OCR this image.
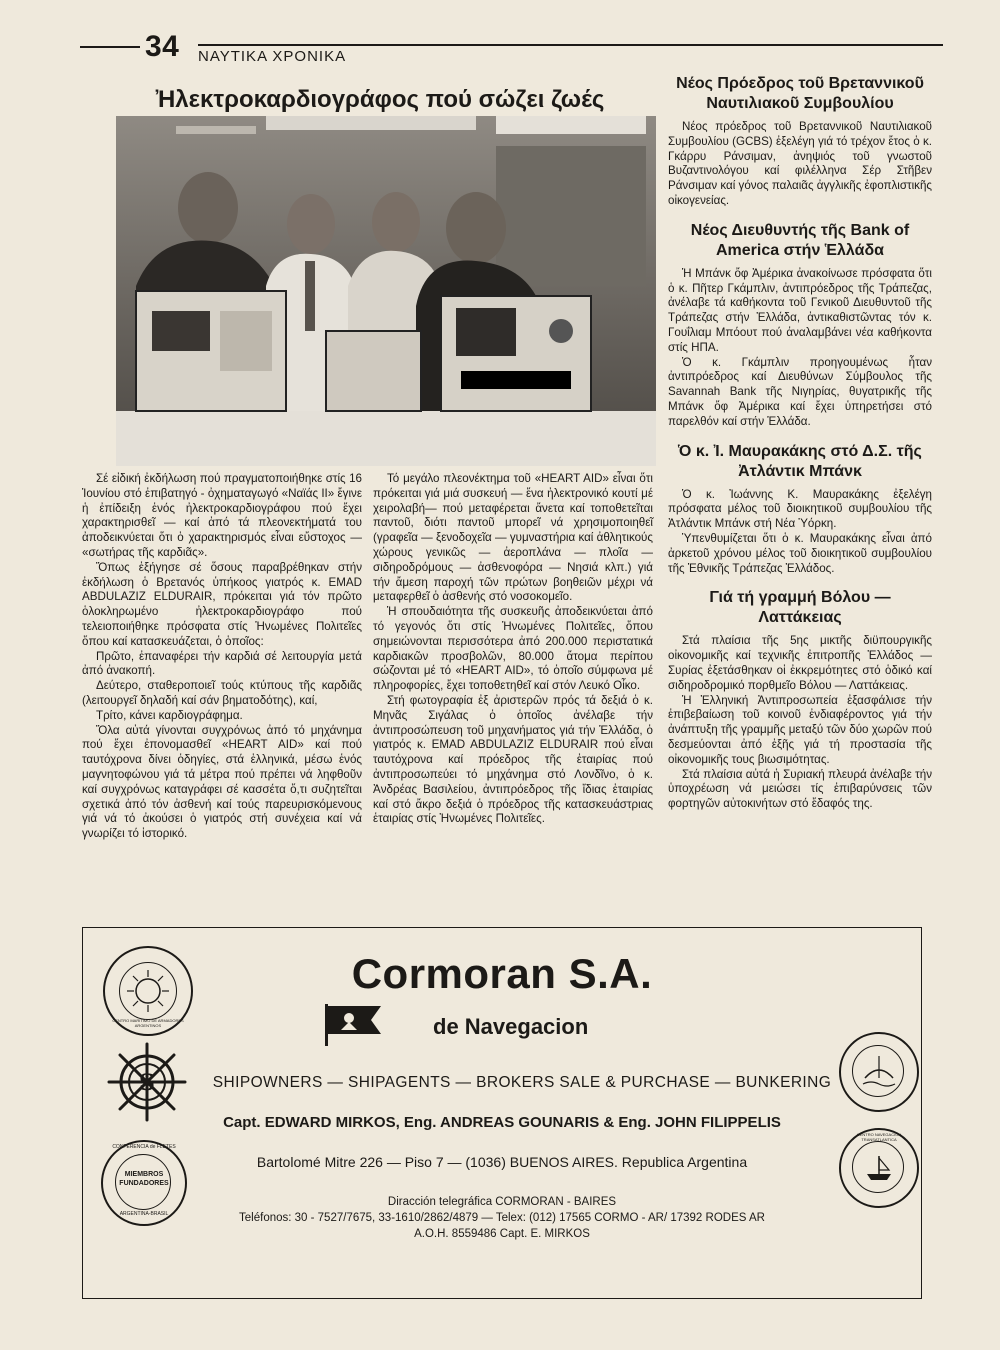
34 ΝΑΥΤΙΚΑ ΧΡΟΝΙΚΑ
Ἠλεκτροκαρδιογράφος πού σώζει ζωές

Σέ εἰδική ἐκδήλωση πού πραγματοποιήθηκε στίς 16 Ἰουνίου στό ἐπιβατηγό - ὀχηματαγωγό «Ναϊάς ΙΙ» ἔγινε ἡ ἐπίδειξη ἑνός ἠλεκτροκαρδιογράφου πού ἔχει χαρακτηρισθεῖ — καί ἀπό τά πλεονεκτήματά του ἀποδεικνύεται ὅτι ὁ χαρακτηρισμός εἶναι εὔστοχος — «σωτήρας τῆς καρδιᾶς».

Ὅπως ἐξήγησε σέ ὅσους παραβρέθηκαν στήν ἐκδήλωση ὁ Βρετανός ὑπήκοος γιατρός κ. EMAD ABDULAZIZ ELDURAIR, πρόκειται γιά τόν πρῶτο ὁλοκληρωμένο ἠλεκτροκαρδιογράφο πού τελειοποιήθηκε πρόσφατα στίς Ἡνωμένες Πολιτεῖες ὅπου καί κατασκευάζεται, ὁ ὁποῖος:

Πρῶτο, ἐπαναφέρει τήν καρδιά σέ λειτουργία μετά ἀπό ἀνακοπή.

Δεύτερο, σταθεροποιεῖ τούς κτύπους τῆς καρδιᾶς (λειτουργεῖ δηλαδή καί σάν βηματοδότης), καί,

Τρίτο, κάνει καρδιογράφημα.

Ὅλα αὐτά γίνονται συγχρόνως ἀπό τό μηχάνημα πού ἔχει ἐπονομασθεῖ «HEART AID» καί πού ταυτόχρονα δίνει ὁδηγίες, στά ἑλληνικά, μέσω ἑνός μαγνητοφώνου γιά τά μέτρα πού πρέπει νά ληφθοῦν καί συγχρόνως καταγράφει σέ κασσέτα ὅ,τι συζητεῖται σχετικά ἀπό τόν ἀσθενή καί τούς παρευρισκόμενους γιά νά τό ἀκούσει ὁ γιατρός στή συνέχεια καί νά γνωρίζει τό ἱστορικό.

Τό μεγάλο πλεονέκτημα τοῦ «HEART AID» εἶναι ὅτι πρόκειται γιά μιά συσκευή — ἕνα ἠλεκτρονικό κουτί μέ χειρολαβή— πού μεταφέρεται ἄνετα καί τοποθετεῖται παντοῦ, διότι παντοῦ μπορεῖ νά χρησιμοποιηθεῖ (γραφεῖα — ξενοδοχεῖα — γυμναστήρια καί ἀθλητικούς χώρους γενικῶς — ἀεροπλάνα — πλοῖα — σιδηροδρόμους — ἀσθενοφόρα — Νησιά κλπ.) γιά τήν ἄμεση παροχή τῶν πρώτων βοηθειῶν μέχρι νά μεταφερθεῖ ὁ ἀσθενής στό νοσοκομεῖο.

Ἡ σπουδαιότητα τῆς συσκευῆς ἀποδεικνύεται ἀπό τό γεγονός ὅτι στίς Ἡνωμένες Πολιτεῖες, ὅπου σημειώνονται περισσότερα ἀπό 200.000 περιστατικά καρδιακῶν προσβολῶν, 80.000 ἄτομα περίπου σώζονται μέ τό «HEART AID», τό ὁποῖο σύμφωνα μέ πληροφορίες, ἔχει τοποθετηθεῖ καί στόν Λευκό Οἶκο.

Στή φωτογραφία ἐξ ἀριστερῶν πρός τά δεξιά ὁ κ. Μηνᾶς Σιγάλας ὁ ὁποῖος ἀνέλαβε τήν ἀντιπροσώπευση τοῦ μηχανήματος γιά τήν Ἑλλάδα, ὁ γιατρός κ. EMAD ABDULAZIZ ELDURAIR πού εἶναι ταυτόχρονα καί πρόεδρος τῆς ἑταιρίας πού ἀντιπροσωπεύει τό μηχάνημα στό Λονδῖνο, ὁ κ. Ἀνδρέας Βασιλείου, ἀντιπρόεδρος τῆς ἴδιας ἑταιρίας καί στό ἄκρο δεξιά ὁ πρόεδρος τῆς κατασκευάστριας ἑταιρίας στίς Ἡνωμένες Πολιτεῖες.

Νέος Πρόεδρος τοῦ Βρεταννικοῦ Ναυτιλιακοῦ Συμβουλίου

Νέος πρόεδρος τοῦ Βρεταννικοῦ Ναυτιλιακοῦ Συμβουλίου (GCBS) ἐξελέγη γιά τό τρέχον ἔτος ὁ κ. Γκάρρυ Ράνσιμαν, ἀνηψιός τοῦ γνωστοῦ Βυζαντινολόγου καί φιλέλληνα Σέρ Στῆβεν Ράνσιμαν καί γόνος παλαιᾶς ἀγγλικῆς ἐφοπλιστικῆς οἰκογενείας.

Νέος Διευθυντής τῆς Bank of America στήν Ἑλλάδα

Ἡ Μπάνκ ὄφ Ἀμέρικα ἀνακοίνωσε πρόσφατα ὅτι ὁ κ. Πῆτερ Γκάμπλιν, ἀντιπρόεδρος τῆς Τράπεζας, ἀνέλαβε τά καθήκοντα τοῦ Γενικοῦ Διευθυντοῦ τῆς Τράπεζας στήν Ἑλλάδα, ἀντικαθιστῶντας τόν κ. Γουΐλιαμ Μπόουτ πού ἀναλαμβάνει νέα καθήκοντα στίς ΗΠΑ.

Ὁ κ. Γκάμπλιν προηγουμένως ἦταν ἀντιπρόεδρος καί Διευθύνων Σύμβουλος τῆς Savannah Bank τῆς Νιγηρίας, θυγατρικῆς τῆς Μπάνκ ὄφ Ἀμέρικα καί ἔχει ὑπηρετήσει στό παρελθόν καί στήν Ἑλλάδα.

Ὁ κ. Ἰ. Μαυρακάκης στό Δ.Σ. τῆς Ἀτλάντικ Μπάνκ

Ὁ κ. Ἰωάννης Κ. Μαυρακάκης ἐξελέγη πρόσφατα μέλος τοῦ διοικητικοῦ συμβουλίου τῆς Ἀτλάντικ Μπάνκ στή Νέα Ὑόρκη.

Ὑπενθυμίζεται ὅτι ὁ κ. Μαυρακάκης εἶναι ἀπό ἀρκετοῦ χρόνου μέλος τοῦ διοικητικοῦ συμβουλίου τῆς Ἐθνικῆς Τράπεζας Ἑλλάδος.

Γιά τή γραμμή Βόλου — Λαττάκειας

Στά πλαίσια τῆς 5ης μικτῆς διϋπουργικῆς οἰκονομικῆς καί τεχνικῆς ἐπιτροπῆς Ἑλλάδος — Συρίας ἐξετάσθηκαν οἱ ἐκκρεμότητες στό ὁδικό καί σιδηροδρομικό πορθμεῖο Βόλου — Λαττάκειας.

Ἡ Ἑλληνική Ἀντιπροσωπεία ἐξασφάλισε τήν ἐπιβεβαίωση τοῦ κοινοῦ ἐνδιαφέροντος γιά τήν ἀνάπτυξη τῆς γραμμῆς μεταξύ τῶν δύο χωρῶν πού δεσμεύονται ἀπό ἐξῆς γιά τή προστασία τῆς οἰκονομικῆς τους βιωσιμότητας.

Στά πλαίσια αὐτά ἡ Συριακή πλευρά ἀνέλαβε τήν ὑποχρέωση νά μειώσει τίς ἐπιβαρύνσεις τῶν φορτηγῶν αὐτοκινήτων στό ἔδαφός της.

CENTRO MARITIMO DE ARMADORES ARGENTINOS
S
CONFERENCIA de FLETES
MIEMBROS FUNDADORES
ARGENTINA-BRASIL
CENTRO NAVEGACION TRANSATLANTICA
Cormoran S.A.
de Navegacion
SHIPOWNERS — SHIPAGENTS — BROKERS SALE & PURCHASE — BUNKERING
Capt. EDWARD MIRKOS, Eng. ANDREAS GOUNARIS & Eng. JOHN FILIPPELIS
Bartolomé Mitre 226 — Piso 7 — (1036) BUENOS AIRES. Republica Argentina
Diracción telegráfica CORMORAN - BAIRES
Teléfonos: 30 - 7527/7675, 33-1610/2862/4879 — Telex: (012) 17565 CORMO - AR/ 17392 RODES AR
A.O.H. 8559486 Capt. E. MIRKOS
